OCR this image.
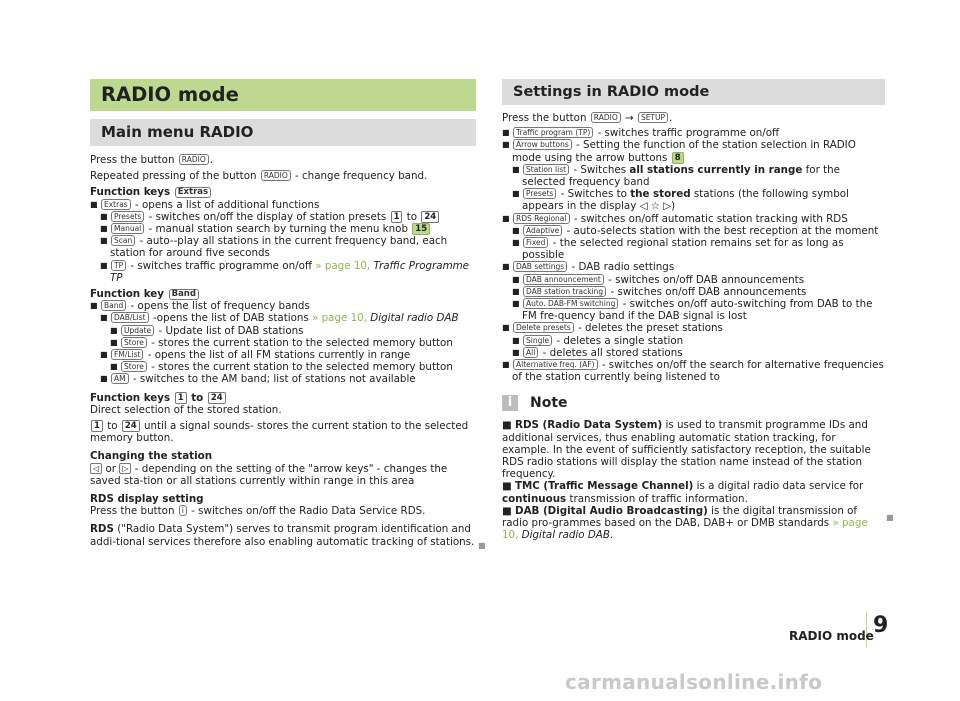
RADIO mode
Main menu RADIO

Press the button RADIO .

Repeated pressing of the button RADIO - change frequency band.

Function keys Extras

■ Extras - opens a list of additional functions
■ Presets - switches on/off the display of station presets 1 to 24
■ Manual - manual station search by turning the menu knob 15
■ Scan - auto--play all stations in the current frequency band, each station for around five seconds
■ TP - switches traffic programme on/off » page 10, Traffic Programme TP

Function key Band

■ Band - opens the list of frequency bands
■ DAB/List -opens the list of DAB stations » page 10, Digital radio DAB
■ Update - Update list of DAB stations
■ Store - stores the current station to the selected memory button
■ FM/List - opens the list of all FM stations currently in range
■ Store - stores the current station to the selected memory button
■ AM - switches to the AM band; list of stations not available

Function keys 1 to 24

Direct selection of the stored station.

1 to 24 until a signal sounds- stores the current station to the selected memory button.

Changing the station

◁ or ▷ - depending on the setting of the "arrow keys" - changes the saved sta-tion or all stations currently within range in this area

RDS display setting

Press the button i - switches on/off the Radio Data Service RDS.

RDS ("Radio Data System") serves to transmit program identification and addi-tional services therefore also enabling automatic tracking of stations. ■
Settings in RADIO mode

Press the button RADIO → SETUP .

■ Traffic program (TP) - switches traffic programme on/off
■ Arrow buttons - Setting the function of the station selection in RADIO mode using the arrow buttons 8
■ Station list - Switches all stations currently in range for the selected frequency band
■ Presets - Switches to the stored stations (the following symbol appears in the display ◁ ☆ ▷)
■ RDS Regional - switches on/off automatic station tracking with RDS
■ Adaptive - auto-selects station with the best reception at the moment
■ Fixed - the selected regional station remains set for as long as possible
■ DAB settings - DAB radio settings
■ DAB announcement - switches on/off DAB announcements
■ DAB station tracking - switches on/off DAB announcements
■ Auto. DAB-FM switching - switches on/off auto-switching from DAB to the FM fre-quency band if the DAB signal is lost
■ Delete presets - deletes the preset stations
■ Single - deletes a single station
■ All - deletes all stored stations
■ Alternative freq. (AF) - switches on/off the search for alternative frequencies of the station currently being listened to
i	Note

■ RDS (Radio Data System) is used to transmit programme IDs and additional services, thus enabling automatic station tracking, for example. In the event of sufficiently satisfactory reception, the suitable RDS radio stations will display the station name instead of the station frequency.

■ TMC (Traffic Message Channel) is a digital radio data service for continuous transmission of traffic information.

■ DAB (Digital Audio Broadcasting) is the digital transmission of radio pro-grammes based on the DAB, DAB+ or DMB standards » page 10, Digital radio DAB.

■
RADIO mode 9
carmanualsonline.info
